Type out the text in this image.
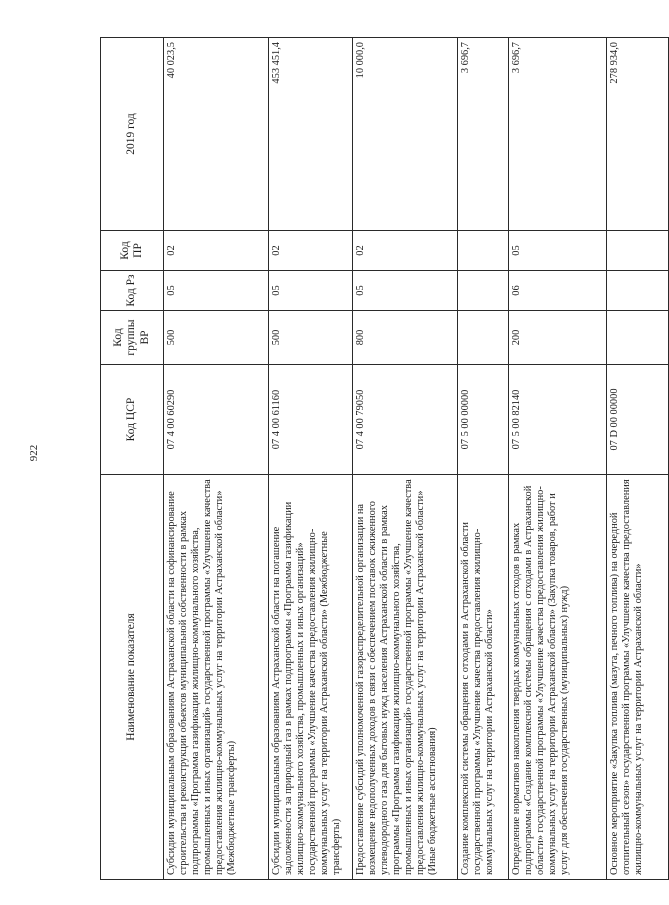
922
Наименование показателя	Код ЦСР	Код группы ВР	Код Рз	Код ПР	2019 год
Субсидии муниципальным образованиям Астраханской области на софинансирование строительства и реконструкции объектов муниципальной собственности в рамках подпрограммы «Программа газификации жилищно-коммунального хозяйства, промышленных и иных организаций» государственной программы «Улучшение качества предоставления жилищно-коммунальных услуг на территории Астраханской области» (Межбюджетные трансферты)	07 4 00 60290	500	05	02	40 023,5
Субсидии муниципальным образованиям Астраханской области на погашение задолженности за природный газ в рамках подпрограммы «Программа газификации жилищно-коммунального хозяйства, промышленных и иных организаций» государственной программы «Улучшение качества предоставления жилищно-коммунальных услуг на территории Астраханской области» (Межбюджетные трансферты)	07 4 00 61160	500	05	02	453 451,4
Предоставление субсидий уполномоченной газораспределительной организации на возмещение недополученных доходов в связи с обеспечением поставок сжиженного углеводородного газа для бытовых нужд населения Астраханской области в рамках программы «Программа газификации жилищно-коммунального хозяйства, промышленных и иных организаций» государственной программы «Улучшение качества предоставления жилищно-коммунальных услуг на территории Астраханской области» (Иные бюджетные ассигнования)	07 4 00 79050	800	05	02	10 000,0
Создание комплексной системы обращения с отходами в Астраханской области государственной программы «Улучшение качества предоставления жилищно-коммунальных услуг на территории Астраханской области»	07 5 00 00000				3 696,7
Определение нормативов накопления твердых коммунальных отходов в рамках подпрограммы «Создание комплексной системы обращения с отходами в Астраханской области» государственной программы «Улучшение качества предоставления жилищно-коммунальных услуг на территории Астраханской области» (Закупка товаров, работ и услуг для обеспечения государственных (муниципальных) нужд)	07 5 00 82140	200	06	05	3 696,7
Основное мероприятие «Закупка топлива (мазута, печного топлива) на очередной отопительный сезон» государственной программы «Улучшение качества предоставления жилищно-коммунальных услуг на территории Астраханской области»	07 D 00 00000				278 934,0
